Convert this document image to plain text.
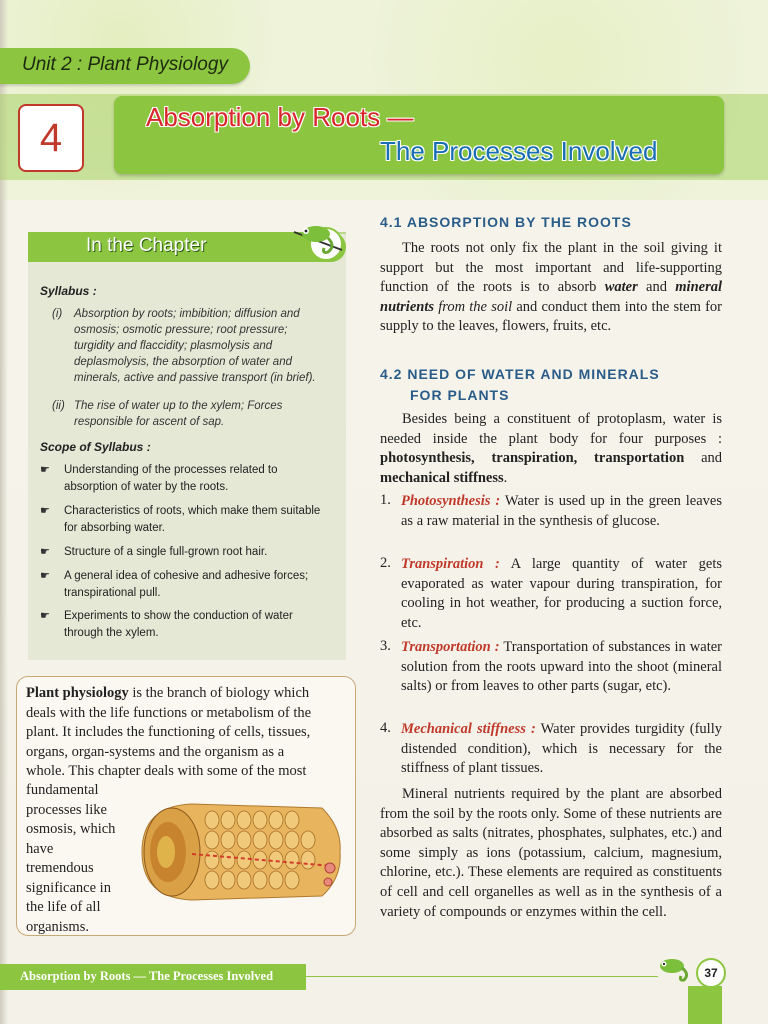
Unit 2 : Plant Physiology
4	Absorption by Roots —
The Processes Involved
In the Chapter
Syllabus :
(i) Absorption by roots; imbibition; diffusion and
osmosis; osmotic pressure; root pressure;
turgidity and flaccidity; plasmolysis and
deplasmolysis, the absorption of water and
minerals, active and passive transport (in brief).
(ii) The rise of water up to the xylem; Forces
responsible for ascent of sap.
Scope of Syllabus :
☛ Understanding of the processes related to
absorption of water by the roots.
☛ Characteristics of roots, which make them suitable
for absorbing water.
☛ Structure of a single full-grown root hair.
☛ A general idea of cohesive and adhesive forces;
transpirational pull.
☛ Experiments to show the conduction of water
through the xylem.
Plant physiology is the branch of biology which
deals with the life functions or metabolism of the
plant. It includes the functioning of cells, tissues,
organs, organ-systems and the organism as a
whole. This chapter deals with some of the most
fundamental
processes like
osmosis, which
have
tremendous
significance in
the life of all
organisms.
4.1 ABSORPTION BY THE ROOTS
The roots not only fix the plant in the soil giving it support but the most important and life-supporting function of the roots is to absorb water and mineral nutrients from the soil and conduct them into the stem for supply to the leaves, flowers, fruits, etc.
4.2 NEED OF WATER AND MINERALS
FOR PLANTS
Besides being a constituent of protoplasm, water is needed inside the plant body for four purposes : photosynthesis, transpiration, transportation and mechanical stiffness.
1. Photosynthesis : Water is used up in the green leaves as a raw material in the synthesis of glucose.
2. Transpiration : A large quantity of water gets evaporated as water vapour during transpiration, for cooling in hot weather, for producing a suction force, etc.
3. Transportation : Transportation of substances in water solution from the roots upward into the shoot (mineral salts) or from leaves to other parts (sugar, etc).
4. Mechanical stiffness : Water provides turgidity (fully distended condition), which is necessary for the stiffness of plant tissues.
Mineral nutrients required by the plant are absorbed from the soil by the roots only. Some of these nutrients are absorbed as salts (nitrates, phosphates, sulphates, etc.) and some simply as ions (potassium, calcium, magnesium, chlorine, etc.). These elements are required as constituents of cell and cell organelles as well as in the synthesis of a variety of compounds or enzymes within the cell.
Absorption by Roots — The Processes Involved	37
